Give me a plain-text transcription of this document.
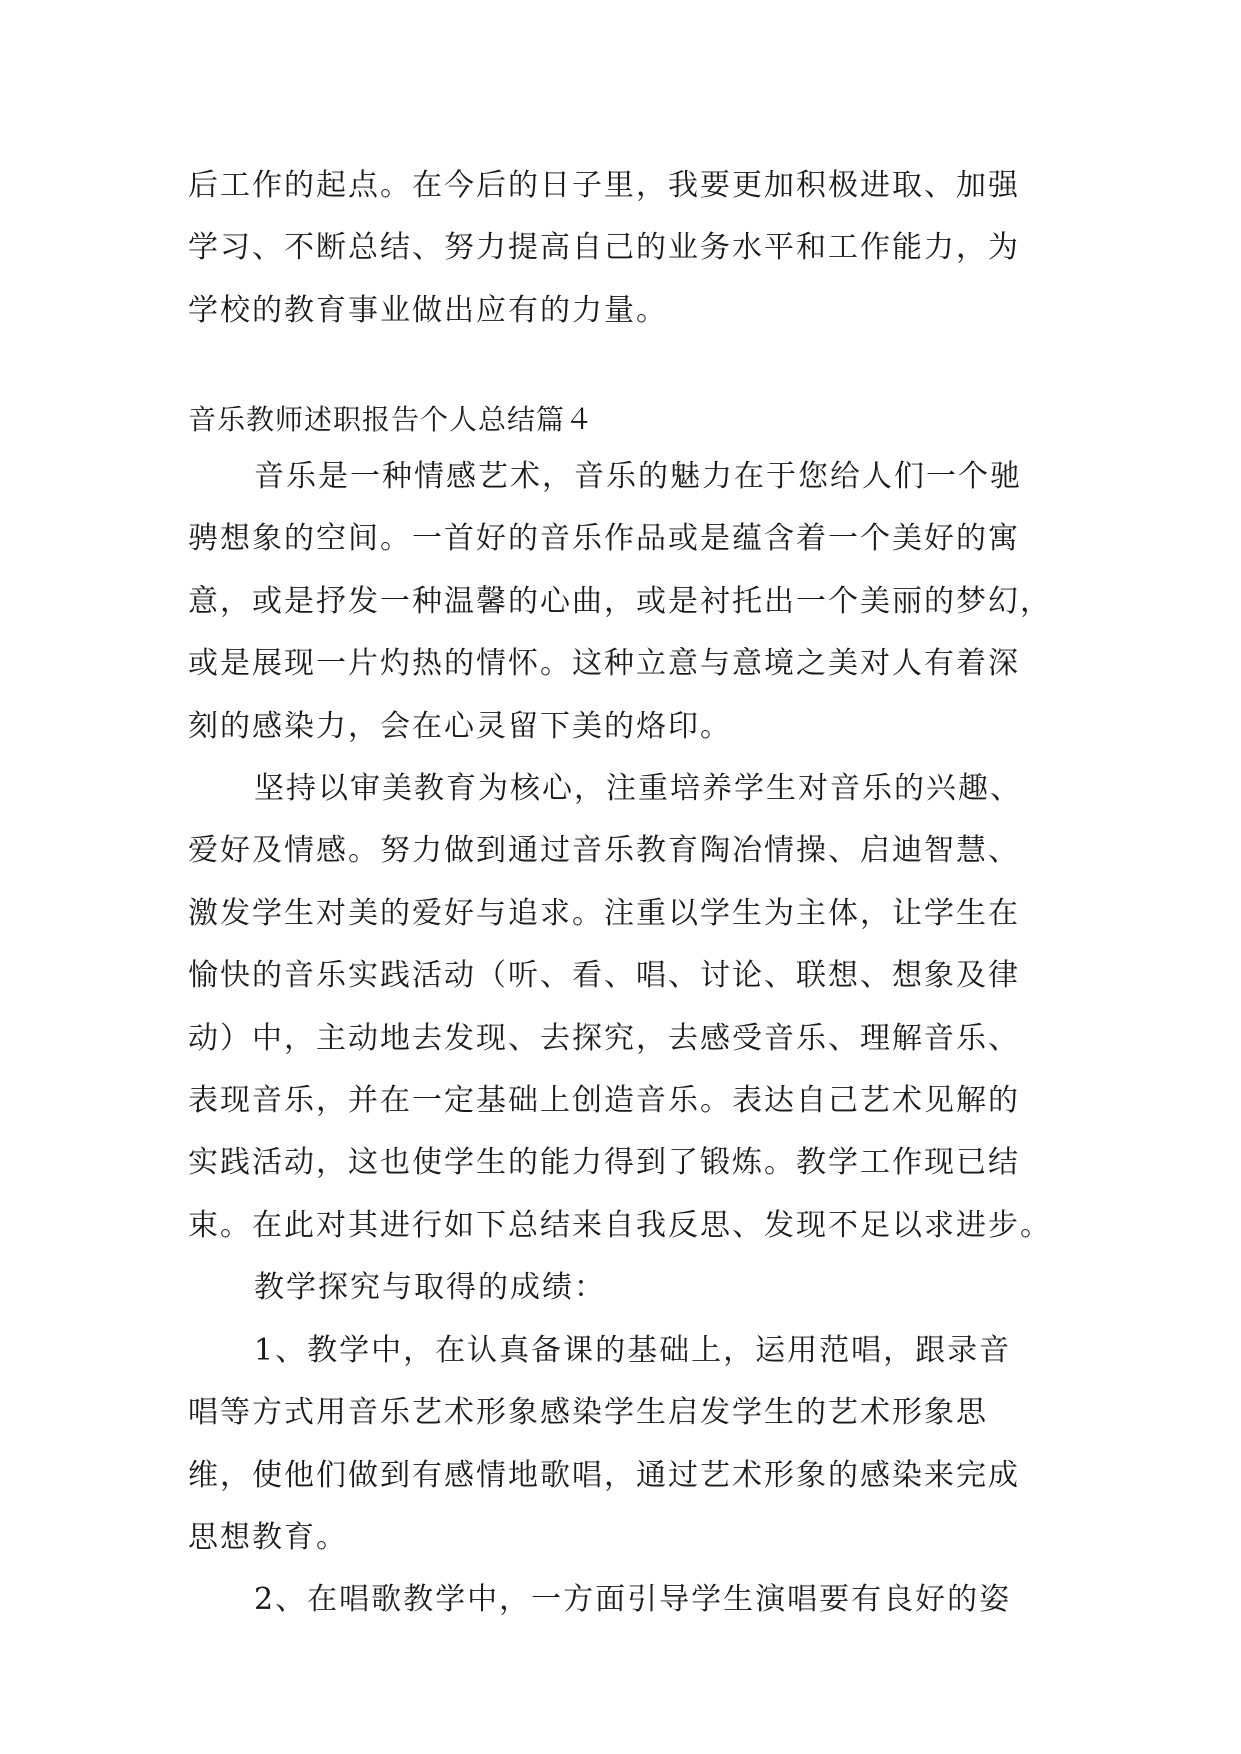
后工作的起点。在今后的日子里，我要更加积极进取、加强

学习、不断总结、努力提高自己的业务水平和工作能力，为

学校的教育事业做出应有的力量。

音乐教师述职报告个人总结篇４

音乐是一种情感艺术，音乐的魅力在于您给人们一个驰

骋想象的空间。一首好的音乐作品或是蕴含着一个美好的寓

意，或是抒发一种温馨的心曲，或是衬托出一个美丽的梦幻，

或是展现一片灼热的情怀。这种立意与意境之美对人有着深

刻的感染力，会在心灵留下美的烙印。

坚持以审美教育为核心，注重培养学生对音乐的兴趣、

爱好及情感。努力做到通过音乐教育陶冶情操、启迪智慧、

激发学生对美的爱好与追求。注重以学生为主体，让学生在

愉快的音乐实践活动（听、看、唱、讨论、联想、想象及律

动）中，主动地去发现、去探究，去感受音乐、理解音乐、

表现音乐，并在一定基础上创造音乐。表达自己艺术见解的

实践活动，这也使学生的能力得到了锻炼。教学工作现已结

束。在此对其进行如下总结来自我反思、发现不足以求进步。

教学探究与取得的成绩：

1、教学中，在认真备课的基础上，运用范唱，跟录音

唱等方式用音乐艺术形象感染学生启发学生的艺术形象思

维，使他们做到有感情地歌唱，通过艺术形象的感染来完成

思想教育。

2、在唱歌教学中，一方面引导学生演唱要有良好的姿
